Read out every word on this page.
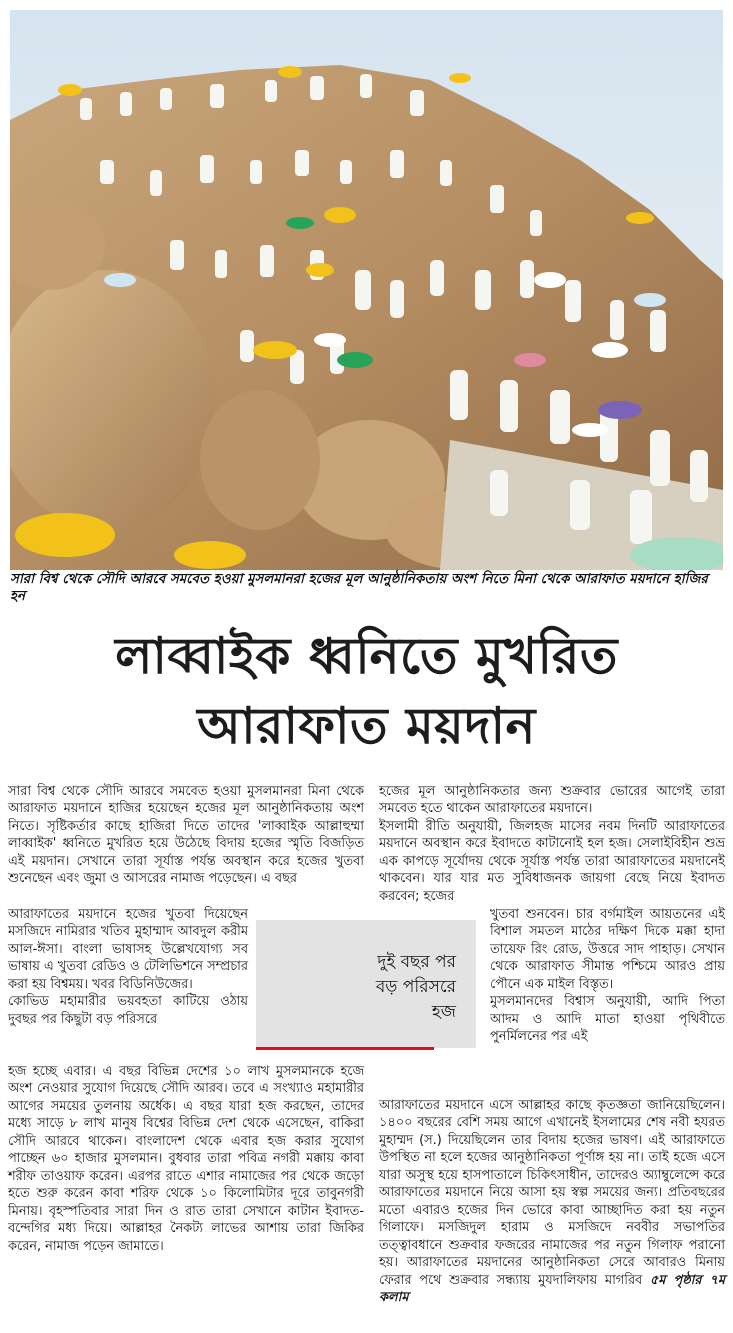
সারা বিশ্ব থেকে সৌদি আরবে সমবেত হওয়া মুসলমানরা হজের মূল আনুষ্ঠানিকতায় অংশ নিতে মিনা থেকে আরাফাত ময়দানে হাজির হন
লাব্বাইক ধ্বনিতে মুখরিত
আরাফাত ময়দান

সারা বিশ্ব থেকে সৌদি আরবে সমবেত হওয়া মুসলমানরা মিনা থেকে আরাফাত ময়দানে হাজির হয়েছেন হজের মূল আনুষ্ঠানিকতায় অংশ নিতে। সৃষ্টিকর্তার কাছে হাজিরা দিতে তাদের 'লাব্বাইক আল্লাহুম্মা লাব্বাইক' ধ্বনিতে মুখরিত হয়ে উঠেছে বিদায় হজের স্মৃতি বিজড়িত এই ময়দান। সেখানে তারা সূর্যাস্ত পর্যন্ত অবস্থান করে হজের খুতবা শুনেছেন এবং জুমা ও আসরের নামাজ পড়েছেন। এ বছর

আরাফাতের ময়দানে হজের খুতবা দিয়েছেন মসজিদে নামিরার খতিব মুহাম্মাদ আবদুল করীম আল-ঈসা। বাংলা ভাষাসহ উল্লেখযোগ্য সব ভাষায় এ খুতবা রেডিও ও টেলিভিশনে সম্প্রচার করা হয় বিশ্বময়। খবর বিডিনিউজের।
কোভিড মহামারীর ভয়বহতা কাটিয়ে ওঠায় দুবছর পর কিছুটা বড় পরিসরে

হজ হচ্ছে এবার। এ বছর বিভিন্ন দেশের ১০ লাখ মুসলমানকে হজে অংশ নেওয়ার সুযোগ দিয়েছে সৌদি আরব। তবে এ সংখ্যাও মহামারীর আগের সময়ের তুলনায় অর্ধেক। এ বছর যারা হজ করছেন, তাদের মধ্যে সাড়ে ৮ লাখ মানুষ বিশ্বের বিভিন্ন দেশ থেকে এসেছেন, বাকিরা সৌদি আরবে থাকেন। বাংলাদেশ থেকে এবার হজ করার সুযোগ পাচ্ছেন ৬০ হাজার মুসলমান। বুধবার তারা পবিত্র নগরী মক্কায় কাবা শরীফ তাওয়াফ করেন। এরপর রাতে এশার নামাজের পর থেকে জড়ো হতে শুরু করেন কাবা শরিফ থেকে ১০ কিলোমিটার দূরে তাবুনগরী মিনায়। বৃহস্পতিবার সারা দিন ও রাত তারা সেখানে কাটান ইবাদত-বন্দেগির মধ্য দিয়ে। আল্লাহর নৈকট্য লাভের আশায় তারা জিকির করেন, নামাজ পড়েন জামাতে।

হজের মূল আনুষ্ঠানিকতার জন্য শুক্রবার ভোরের আগেই তারা সমবেত হতে থাকেন আরাফাতের ময়দানে।
ইসলামী রীতি অনুযায়ী, জিলহজ মাসের নবম দিনটি আরাফাতের ময়দানে অবস্থান করে ইবাদতে কাটানোই হল হজ। সেলাইবিহীন শুভ্র এক কাপড়ে সূর্যোদয় থেকে সূর্যাস্ত পর্যন্ত তারা আরাফাতের ময়দানেই থাকবেন। যার যার মত সুবিধাজনক জায়গা বেছে নিয়ে ইবাদত করবেন; হজের

খুতবা শুনবেন। চার বর্গমাইল আয়তনের এই বিশাল সমতল মাঠের দক্ষিণ দিকে মক্কা হাদা তায়েফ রিং রোড, উত্তরে সাদ পাহাড়। সেখান থেকে আরাফাত সীমান্ত পশ্চিমে আরও প্রায় পৌনে এক মাইল বিস্তৃত।
মুসলমানদের বিশ্বাস অনুযায়ী, আদি পিতা আদম ও আদি মাতা হাওয়া পৃথিবীতে পুনর্মিলনের পর এই

আরাফাতের ময়দানে এসে আল্লাহর কাছে কৃতজ্ঞতা জানিয়েছিলেন। ১৪০০ বছরের বেশি সময় আগে এখানেই ইসলামের শেষ নবী হযরত মুহাম্মদ (স.) দিয়েছিলেন তার বিদায় হজের ভাষণ। এই আরাফাতে উপস্থিত না হলে হজের আনুষ্ঠানিকতা পূর্ণাঙ্গ হয় না। তাই হজে এসে যারা অসুস্থ হয়ে হাসপাতালে চিকিৎসাধীন, তাদেরও অ্যাম্বুলেন্সে করে আরাফাতের ময়দানে নিয়ে আসা হয় স্বল্প সময়ের জন্য। প্রতিবছরের মতো এবারও হজের দিন ভোরে কাবা আচ্ছাদিত করা হয় নতুন গিলাফে। মসজিদুল হারাম ও মসজিদে নববীর সভাপতির তত্ত্বাবধানে শুক্রবার ফজরের নামাজের পর নতুন গিলাফ পরানো হয়। আরাফাতের ময়দানের আনুষ্ঠানিকতা সেরে আবারও মিনায় ফেরার পথে শুক্রবার সন্ধ্যায় মুযদালিফায় মাগরিব ৫ম পৃষ্ঠার ৭ম কলাম

দুই বছর পর
বড় পরিসরে
হজ
